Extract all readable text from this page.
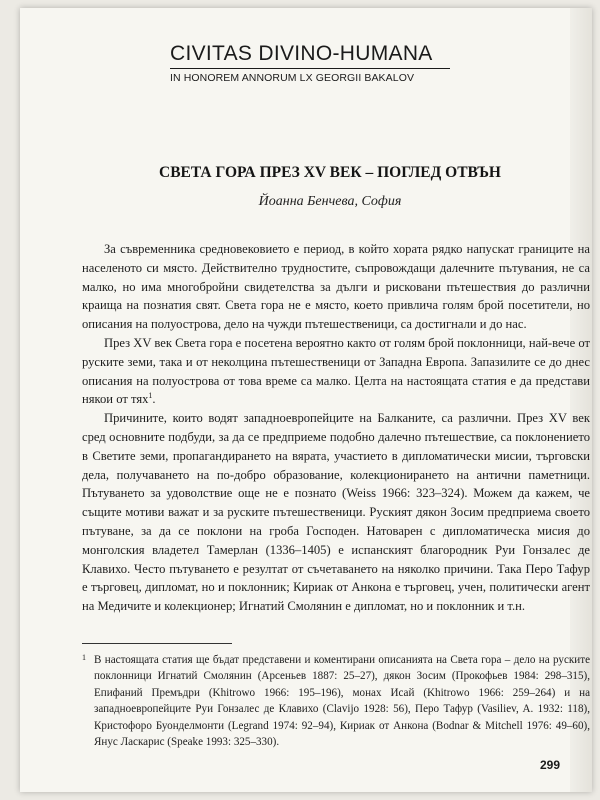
CIVITAS DIVINO-HUMANA
IN HONOREM ANNORUM LX GEORGII BAKALOV
СВЕТА ГОРА ПРЕЗ XV ВЕК – ПОГЛЕД ОТВЪН
Йоанна Бенчева, София

За съвременника средновековието е период, в който хората рядко напускат границите на населеното си място. Действително трудностите, съпровождащи далечните пътувания, не са малко, но има многобройни свидетелства за дълги и рисковани пътешествия до различни краища на познатия свят. Света гора не е място, което привлича голям брой посетители, но описания на полуострова, дело на чужди пътешественици, са достигнали и до нас.

През XV век Света гора е посетена вероятно както от голям брой поклонници, най-вече от руските земи, така и от неколцина пътешественици от Западна Европа. Запазилите се до днес описания на полуострова от това време са малко. Целта на настоящата статия е да представи някои от тях$^1$.

Причините, които водят западноевропейците на Балканите, са различни. През XV век сред основните подбуди, за да се предприеме подобно далечно пътешествие, са поклонението в Светите земи, пропагандирането на вярата, участието в дипломатически мисии, търговски дела, получаването на по-добро образование, колекционирането на антични паметници. Пътуването за удоволствие още не е познато (Weiss 1966: 323–324). Можем да кажем, че същите мотиви важат и за руските пътешественици. Руският дякон Зосим предприема своето пътуване, за да се поклони на гроба Господен. Натоварен с дипломатическа мисия до монголския владетел Тамерлан (1336–1405) е испанският благородник Руи Гонзалес де Клавихо. Често пътуването е резултат от съчетаването на няколко причини. Така Перо Тафур е търговец, дипломат, но и поклонник; Кириак от Анкона е търговец, учен, политически агент на Медичите и колекционер; Игнатий Смолянин е дипломат, но и поклонник и т.н.

1 В настоящата статия ще бъдат представени и коментирани описанията на Света гора – дело на руските поклонници Игнатий Смолянин (Арсеньев 1887: 25–27), дякон Зосим (Прокофьев 1984: 298–315), Епифаний Премъдри (Khitrowo 1966: 195–196), монах Исай (Khitrowo 1966: 259–264) и на западноевропейците Руи Гонзалес де Клавихо (Clavijo 1928: 56), Перо Тафур (Vasiliev, A. 1932: 118), Кристофоро Буонделмонти (Legrand 1974: 92–94), Кириак от Анкона (Bodnar & Mitchell 1976: 49–60), Янус Ласкарис (Speake 1993: 325–330).
299
